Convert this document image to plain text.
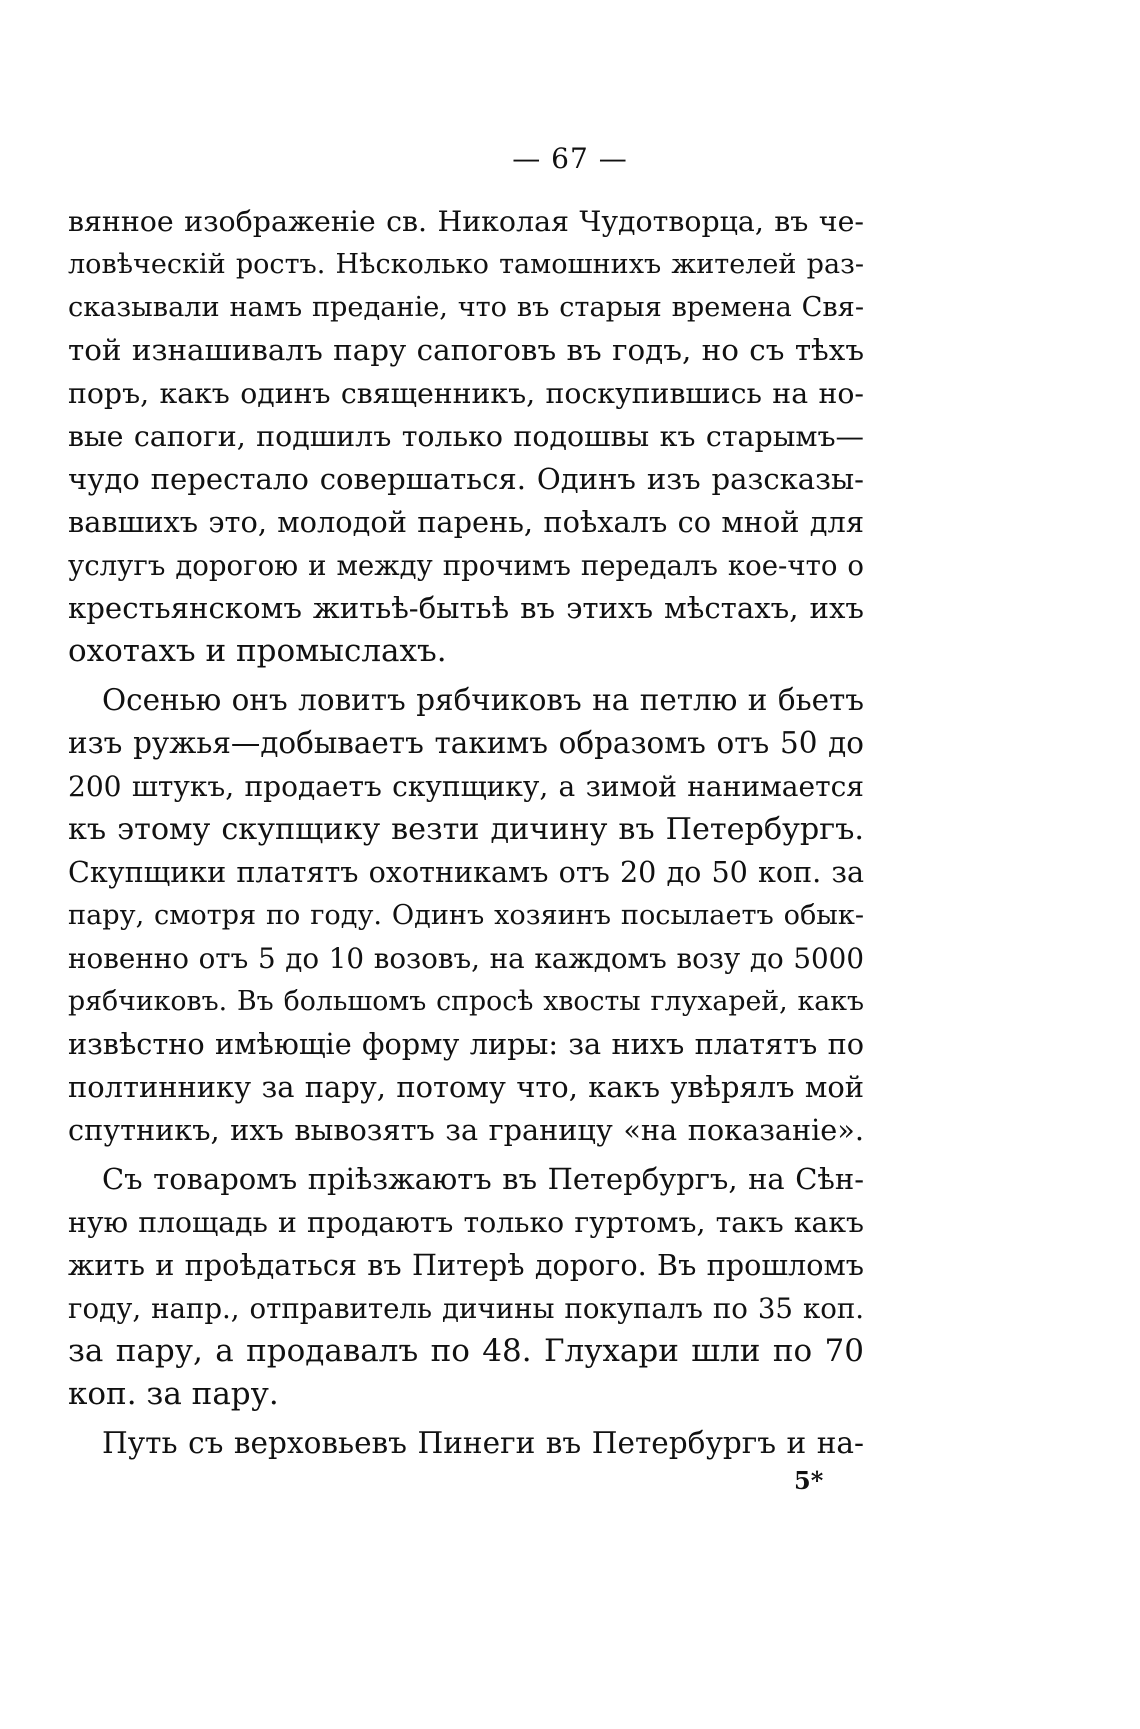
— 67 —

вянное изображеніе св. Николая Чудотворца, въ че-
ловѣческій ростъ. Нѣсколько тамошнихъ жителей раз-
сказывали намъ преданіе, что въ старыя времена Свя-
той изнашивалъ пару сапоговъ въ годъ, но съ тѣхъ
поръ, какъ одинъ священникъ, поскупившись на но-
вые сапоги, подшилъ только подошвы къ старымъ—
чудо перестало совершаться. Одинъ изъ разсказы-
вавшихъ это, молодой парень, поѣхалъ со мной для
услугъ дорогою и между прочимъ передалъ кое-что о
крестьянскомъ житьѣ-бытьѣ въ этихъ мѣстахъ, ихъ
охотахъ и промыслахъ.

Осенью онъ ловитъ рябчиковъ на петлю и бьетъ
изъ ружья—добываетъ такимъ образомъ отъ 50 до
200 штукъ, продаетъ скупщику, а зимой нанимается
къ этому скупщику везти дичину въ Петербургъ.
Скупщики платятъ охотникамъ отъ 20 до 50 коп. за
пару, смотря по году. Одинъ хозяинъ посылаетъ обык-
новенно отъ 5 до 10 возовъ, на каждомъ возу до 5000
рябчиковъ. Въ большомъ спросѣ хвосты глухарей, какъ
извѣстно имѣющіе форму лиры: за нихъ платятъ по
полтиннику за пару, потому что, какъ увѣрялъ мой
спутникъ, ихъ вывозятъ за границу «на показаніе».

Съ товаромъ пріѣзжаютъ въ Петербургъ, на Сѣн-
ную площадь и продаютъ только гуртомъ, такъ какъ
жить и проѣдаться въ Питерѣ дорого. Въ прошломъ
году, напр., отправитель дичины покупалъ по 35 коп.
за пару, а продавалъ по 48. Глухари шли по 70
коп. за пару.

Путь съ верховьевъ Пинеги въ Петербургъ и на-

5*
